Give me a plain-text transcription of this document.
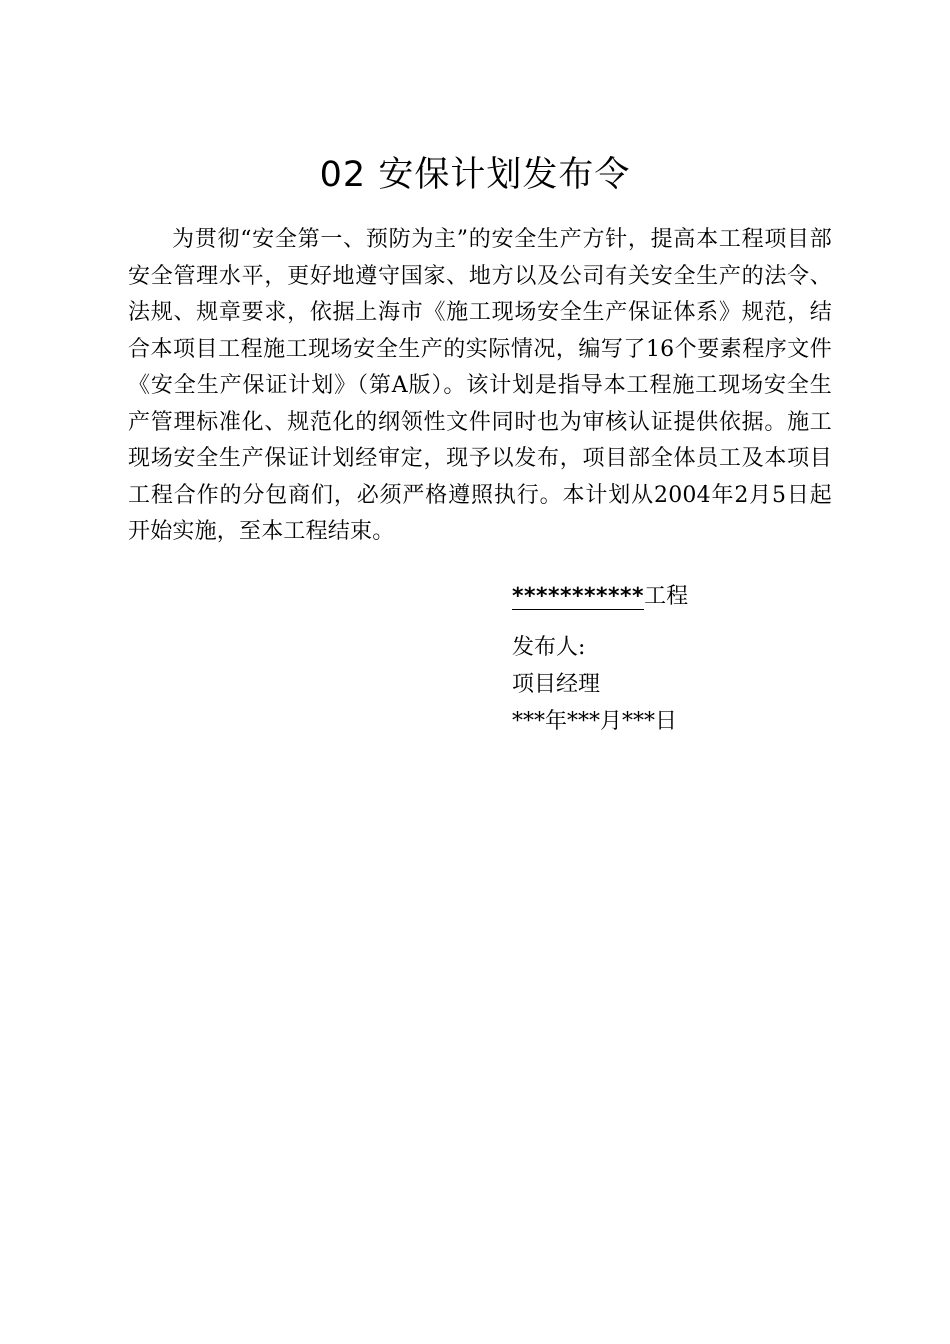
02 安保计划发布令

为贯彻“安全第一、预防为主”的安全生产方针，提高本工程项目部安全管理水平，更好地遵守国家、地方以及公司有关安全生产的法令、法规、规章要求，依据上海市《施工现场安全生产保证体系》规范，结合本项目工程施工现场安全生产的实际情况，编写了16个要素程序文件《安全生产保证计划》（第A版）。该计划是指导本工程施工现场安全生产管理标准化、规范化的纲领性文件同时也为审核认证提供依据。施工现场安全生产保证计划经审定，现予以发布，项目部全体员工及本项目工程合作的分包商们，必须严格遵照执行。本计划从2004年2月5日起开始实施，至本工程结束。

***********工程

发布人:

项目经理

***年***月***日
